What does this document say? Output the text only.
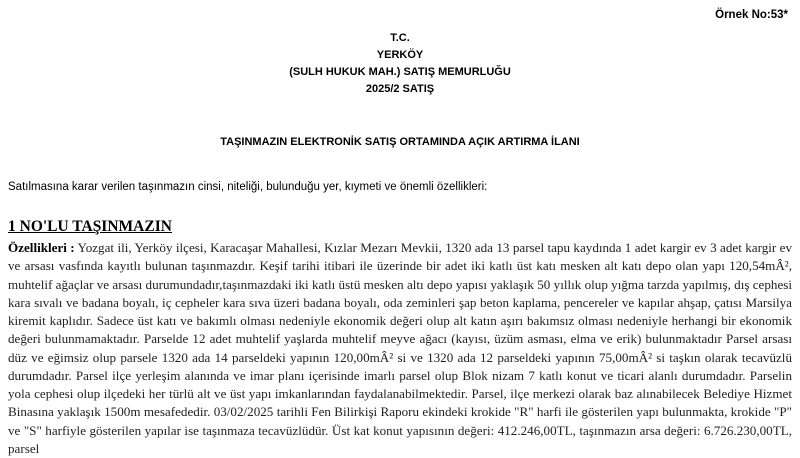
Örnek No:53*
T.C.
YERKÖY
(SULH HUKUK MAH.) SATIŞ MEMURLUĞU
2025/2 SATIŞ
TAŞINMAZIN ELEKTRONİK SATIŞ ORTAMINDA AÇIK ARTIRMA İLANI
Satılmasına karar verilen taşınmazın cinsi, niteliği, bulunduğu yer, kıymeti ve önemli özellikleri:
1 NO'LU TAŞINMAZIN
Özellikleri : Yozgat ili, Yerköy ilçesi, Karacaşar Mahallesi, Kızlar Mezarı Mevkii, 1320 ada 13 parsel tapu kaydında 1 adet kargir ev 3 adet kargir ev ve arsası vasfında kayıtlı bulunan taşınmazdır. Keşif tarihi itibari ile üzerinde bir adet iki katlı üst katı mesken alt katı depo olan yapı 120,54mÂ², muhtelif ağaçlar ve arsası durumundadır,taşınmazdaki iki katlı üstü mesken altı depo yapısı yaklaşık 50 yıllık olup yığma tarzda yapılmış, dış cephesi kara sıvalı ve badana boyalı, iç cepheler kara sıva üzeri badana boyalı, oda zeminleri şap beton kaplama, pencereler ve kapılar ahşap, çatısı Marsilya kiremit kaplıdır. Sadece üst katı ve bakımlı olması nedeniyle ekonomik değeri olup alt katın aşırı bakımsız olması nedeniyle herhangi bir ekonomik değeri bulunmamaktadır. Parselde 12 adet muhtelif yaşlarda muhtelif meyve ağacı (kayısı, üzüm asması, elma ve erik) bulunmaktadır Parsel arsası düz ve eğimsiz olup parsele 1320 ada 14 parseldeki yapının 120,00mÂ² si ve 1320 ada 12 parseldeki yapının 75,00mÂ² si taşkın olarak tecavüzlü durumdadır. Parsel ilçe yerleşim alanında ve imar planı içerisinde imarlı parsel olup Blok nizam 7 katlı konut ve ticari alanlı durumdadır. Parselin yola cephesi olup ilçedeki her türlü alt ve üst yapı imkanlarından faydalanabilmektedir. Parsel, ilçe merkezi olarak baz alınabilecek Belediye Hizmet Binasına yaklaşık 1500m mesafededir. 03/02/2025 tarihli Fen Bilirkişi Raporu ekindeki krokide "R" harfi ile gösterilen yapı bulunmakta, krokide "P" ve "S" harfiyle gösterilen yapılar ise taşınmaza tecavüzlüdür. Üst kat konut yapısının değeri: 412.246,00TL, taşınmazın arsa değeri: 6.726.230,00TL, parsel
